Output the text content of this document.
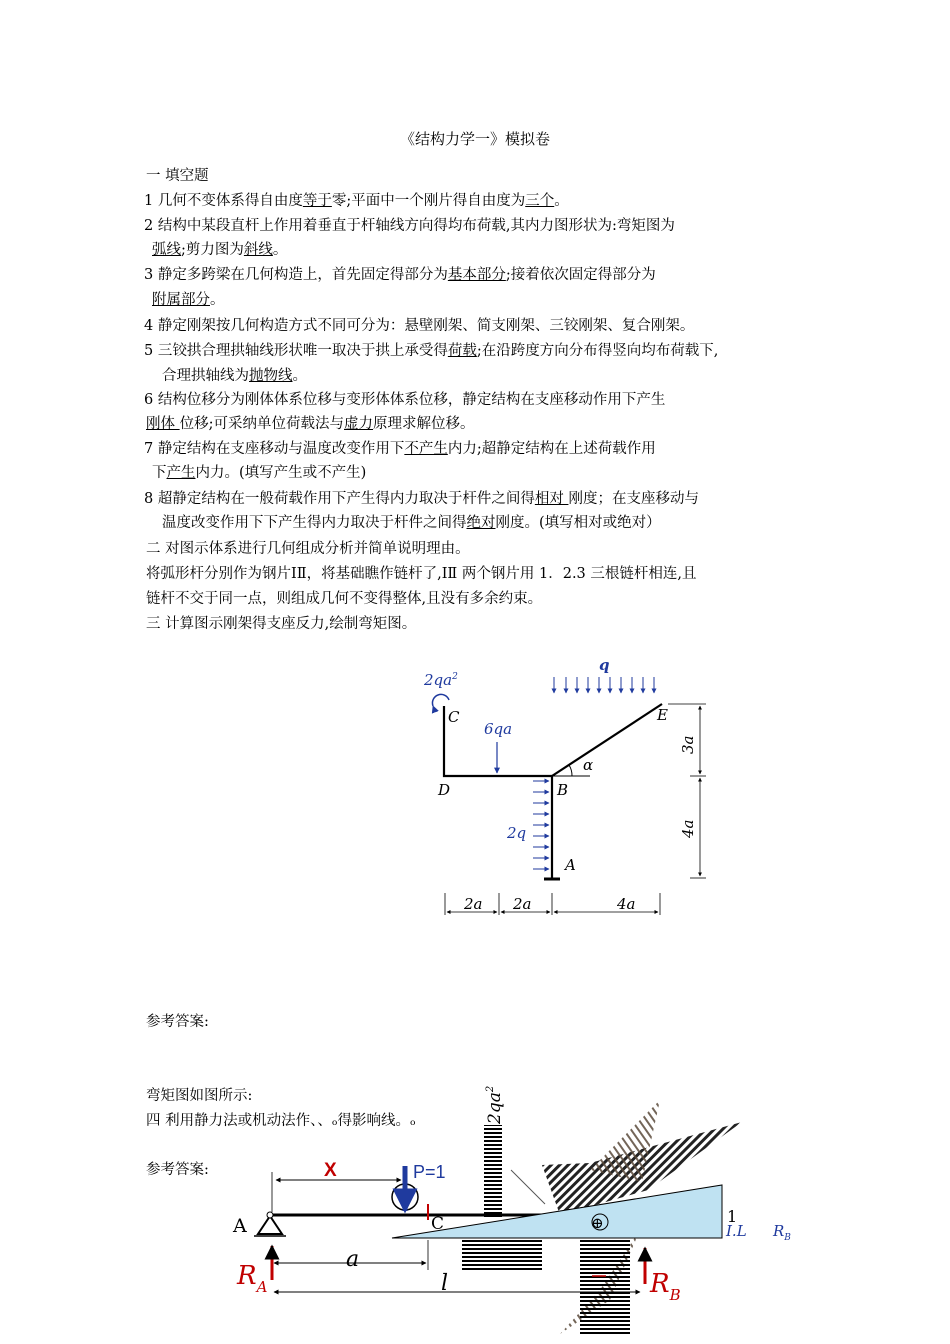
《结构力学一》模拟卷
一 填空题
1 几何不变体系得自由度等于零;平面中一个刚片得自由度为三个。
2 结构中某段直杆上作用着垂直于杆轴线方向得均布荷载,其内力图形状为:弯矩图为
弧线;剪力图为斜线。
3 静定多跨梁在几何构造上，首先固定得部分为基本部分;接着依次固定得部分为
附属部分。
4 静定刚架按几何构造方式不同可分为：悬壁刚架、简支刚架、三铰刚架、复合刚架。
5 三铰拱合理拱轴线形状唯一取决于拱上承受得荷载;在沿跨度方向分布得竖向均布荷载下,
合理拱轴线为抛物线。
6 结构位移分为刚体体系位移与变形体体系位移，静定结构在支座移动作用下产生
刚体 位移;可采纳单位荷载法与虚力原理求解位移。
7 静定结构在支座移动与温度改变作用下不产生内力;超静定结构在上述荷载作用
下产生内力。(填写产生或不产生)
8 超静定结构在一般荷载作用下产生得内力取决于杆件之间得相对 刚度；在支座移动与
温度改变作用下下产生得内力取决于杆件之间得绝对刚度。(填写相对或绝对）
二 对图示体系进行几何组成分析并简单说明理由。
将弧形杆分别作为钢片ⅠⅡ，将基础瞧作链杆了,ⅠⅡ 两个钢片用 1．2.3 三根链杆相连,且
链杆不交于同一点，则组成几何不变得整体,且没有多余约束。
三 计算图示刚架得支座反力,绘制弯矩图。
$2qa^2$
q
6qa
2q
C	E
D	B
A
α
3a
4a
2a 2a	4a
$2qa^2$
⊕	1
I.L $R_B$
X	P=1
A	C
$R_A$	$R_B$
a
l
参考答案:
弯矩图如图所示:
四 利用静力法或机动法作、、ₒ得影响线。ₒ
参考答案:
